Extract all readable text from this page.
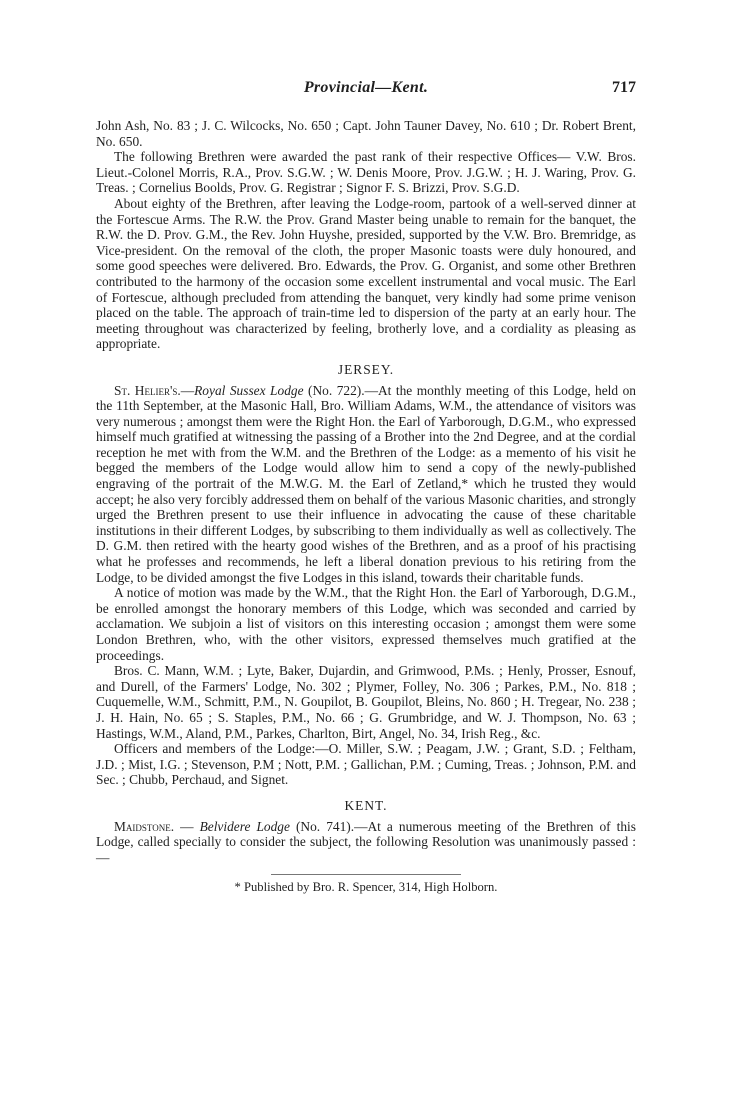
Provincial—Kent.	717

John Ash, No. 83 ; J. C. Wilcocks, No. 650 ; Capt. John Tauner Davey, No. 610 ; Dr. Robert Brent, No. 650.

The following Brethren were awarded the past rank of their respective Offices— V.W. Bros. Lieut.-Colonel Morris, R.A., Prov. S.G.W. ; W. Denis Moore, Prov. J.G.W. ; H. J. Waring, Prov. G. Treas. ; Cornelius Boolds, Prov. G. Registrar ; Signor F. S. Brizzi, Prov. S.G.D.

About eighty of the Brethren, after leaving the Lodge-room, partook of a well-served dinner at the Fortescue Arms. The R.W. the Prov. Grand Master being unable to remain for the banquet, the R.W. the D. Prov. G.M., the Rev. John Huyshe, presided, supported by the V.W. Bro. Bremridge, as Vice-president. On the removal of the cloth, the proper Masonic toasts were duly honoured, and some good speeches were delivered. Bro. Edwards, the Prov. G. Organist, and some other Brethren contributed to the harmony of the occasion some excellent instrumental and vocal music. The Earl of Fortescue, although precluded from attending the banquet, very kindly had some prime venison placed on the table. The approach of train-time led to dispersion of the party at an early hour. The meeting throughout was characterized by feeling, brotherly love, and a cordiality as pleasing as appropriate.

JERSEY.

St. Helier's.—Royal Sussex Lodge (No. 722).—At the monthly meeting of this Lodge, held on the 11th September, at the Masonic Hall, Bro. William Adams, W.M., the attendance of visitors was very numerous ; amongst them were the Right Hon. the Earl of Yarborough, D.G.M., who expressed himself much gratified at witnessing the passing of a Brother into the 2nd Degree, and at the cordial reception he met with from the W.M. and the Brethren of the Lodge: as a memento of his visit he begged the members of the Lodge would allow him to send a copy of the newly-published engraving of the portrait of the M.W.G. M. the Earl of Zetland,* which he trusted they would accept; he also very forcibly addressed them on behalf of the various Masonic charities, and strongly urged the Brethren present to use their influence in advocating the cause of these charitable institutions in their different Lodges, by subscribing to them individually as well as collectively. The D. G.M. then retired with the hearty good wishes of the Brethren, and as a proof of his practising what he professes and recommends, he left a liberal donation previous to his retiring from the Lodge, to be divided amongst the five Lodges in this island, towards their charitable funds.

A notice of motion was made by the W.M., that the Right Hon. the Earl of Yarborough, D.G.M., be enrolled amongst the honorary members of this Lodge, which was seconded and carried by acclamation. We subjoin a list of visitors on this interesting occasion ; amongst them were some London Brethren, who, with the other visitors, expressed themselves much gratified at the proceedings.

Bros. C. Mann, W.M. ; Lyte, Baker, Dujardin, and Grimwood, P.Ms. ; Henly, Prosser, Esnouf, and Durell, of the Farmers' Lodge, No. 302 ; Plymer, Folley, No. 306 ; Parkes, P.M., No. 818 ; Cuquemelle, W.M., Schmitt, P.M., N. Goupilot, B. Goupilot, Bleins, No. 860 ; H. Tregear, No. 238 ; J. H. Hain, No. 65 ; S. Staples, P.M., No. 66 ; G. Grumbridge, and W. J. Thompson, No. 63 ; Hastings, W.M., Aland, P.M., Parkes, Charlton, Birt, Angel, No. 34, Irish Reg., &c.

Officers and members of the Lodge:—O. Miller, S.W. ; Peagam, J.W. ; Grant, S.D. ; Feltham, J.D. ; Mist, I.G. ; Stevenson, P.M ; Nott, P.M. ; Gallichan, P.M. ; Cuming, Treas. ; Johnson, P.M. and Sec. ; Chubb, Perchaud, and Signet.

KENT.

Maidstone. — Belvidere Lodge (No. 741).—At a numerous meeting of the Brethren of this Lodge, called specially to consider the subject, the following Resolution was unanimously passed :—

* Published by Bro. R. Spencer, 314, High Holborn.
